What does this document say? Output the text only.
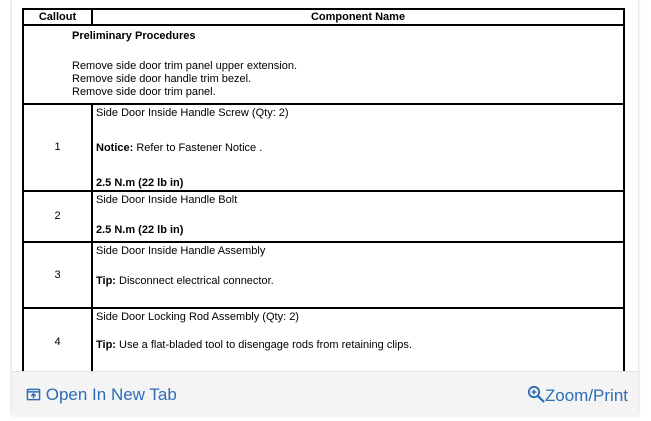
Callout	Component Name

Preliminary Procedures
Remove side door trim panel upper extension.
Remove side door handle trim bezel.
Remove side door trim panel.	

1	Side Door Inside Handle Screw (Qty: 2)
Notice: Refer to Fastener Notice .
2.5 N.m (22 lb in)

2	Side Door Inside Handle Bolt
2.5 N.m (22 lb in)

3	Side Door Inside Handle Assembly
Tip: Disconnect electrical connector.

4	Side Door Locking Rod Assembly (Qty: 2)
Tip: Use a flat-bladed tool to disengage rods from retaining clips.
Open In New Tab	Zoom/Print
